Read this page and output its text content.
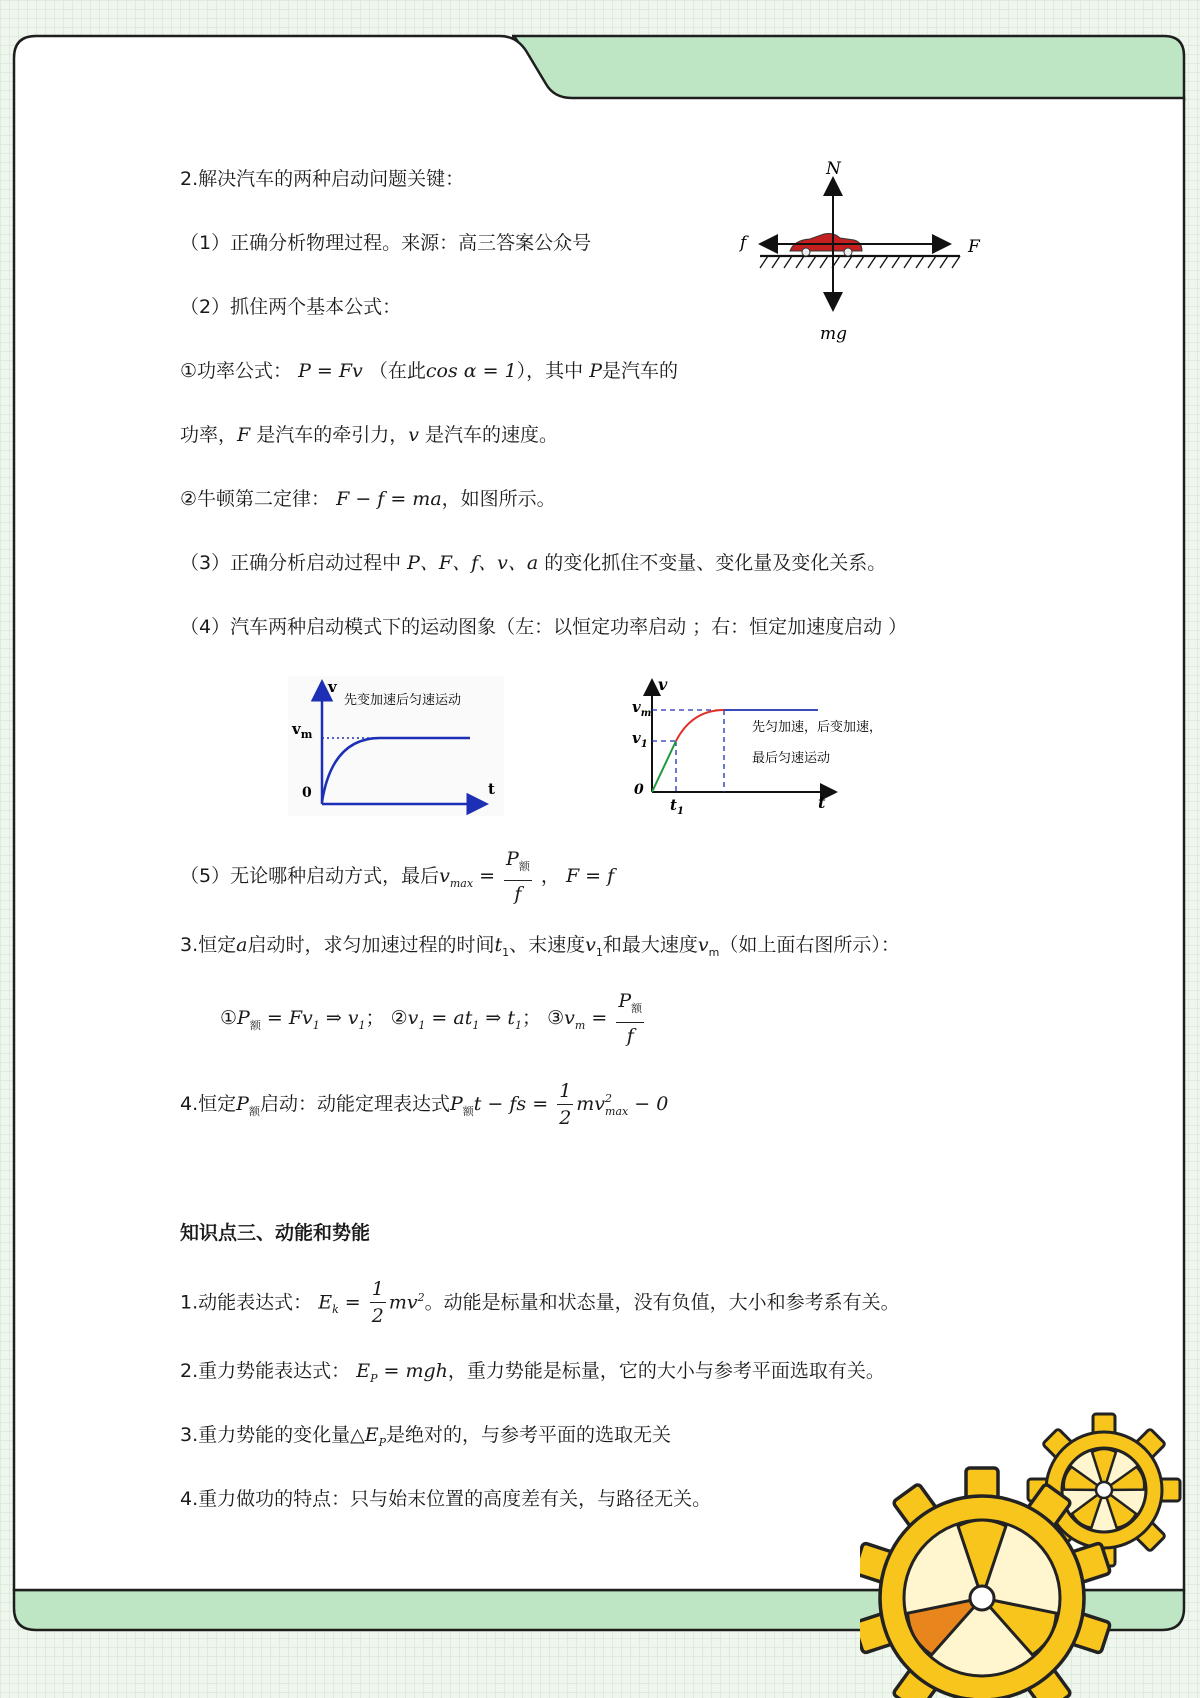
2.解决汽车的两种启动问题关键：
（1）正确分析物理过程。来源：高三答案公众号
（2）抓住两个基本公式：
①功率公式： P = Fv （在此cos α = 1），其中 P是汽车的
功率，F 是汽车的牵引力，v 是汽车的速度。
②牛顿第二定律： F − f = ma，如图所示。
（3）正确分析启动过程中 P、F、f、v、a 的变化抓住不变量、变化量及变化关系。
（4）汽车两种启动模式下的运动图象（左：以恒定功率启动 ；右：恒定加速度启动 ）
N
f	F
mg
v
t
0
$v_m$
先变加速后匀速运动
v
t
0
$v_m$
$v_1$
$t_1$
先匀加速，后变加速，
最后匀速运动
（5）无论哪种启动方式，最后$v_{max} = \frac{P_额}{f}$ ， F = f
3.恒定a启动时，求匀加速过程的时间$t_1$、末速度$v_1$和最大速度$v_m$（如上面右图所示）：
$①P_额 = Fv_1$ ⇒ $v_1$； $②v_1 = at_1$ ⇒ $t_1$； $③v_m = \frac{P_额}{f}$
4.恒定$P_额$启动：动能定理表达式$P_额t$ − fs = $\frac{1}{2}$ mv 2
max − 0
知识点三、动能和势能
1.动能表达式： $E_k = \frac{1}{2} mv^2$。动能是标量和状态量，没有负值，大小和参考系有关。
2.重力势能表达式： $E_P$ = mgh，重力势能是标量，它的大小与参考平面选取有关。
3.重力势能的变化量$\triangle E_P$是绝对的，与参考平面的选取无关
4.重力做功的特点：只与始末位置的高度差有关，与路径无关。
